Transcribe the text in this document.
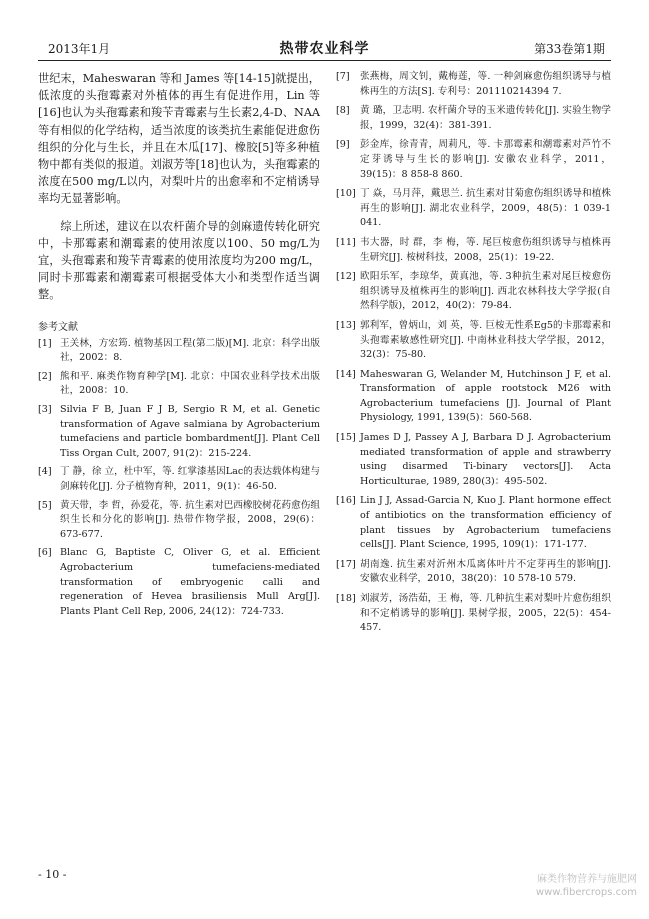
2013年1月	热带农业科学	第33卷第1期

世纪末，Maheswaran 等和 James 等[14-15]就提出，低浓度的头孢霉素对外植体的再生有促进作用，Lin 等[16]也认为头孢霉素和羧苄青霉素与生长素2,4-D、NAA等有相似的化学结构，适当浓度的该类抗生素能促进愈伤组织的分化与生长，并且在木瓜[17]、橡胶[5]等多种植物中都有类似的报道。刘淑芳等[18]也认为，头孢霉素的浓度在500 mg/L以内，对梨叶片的出愈率和不定梢诱导率均无显著影响。

综上所述，建议在以农杆菌介导的剑麻遗传转化研究中，卡那霉素和潮霉素的使用浓度以100、50 mg/L为宜，头孢霉素和羧苄青霉素的使用浓度均为200 mg/L，同时卡那霉素和潮霉素可根据受体大小和类型作适当调整。

参考文献
[1] 王关林，方宏筠. 植物基因工程(第二版)[M]. 北京：科学出版社，2002：8.
[2] 熊和平. 麻类作物育种学[M]. 北京：中国农业科学技术出版社，2008：10.
[3] Silvia F B, Juan F J B, Sergio R M, et al. Genetic transformation of Agave salmiana by Agrobacterium tumefaciens and particle bombardment[J]. Plant Cell Tiss Organ Cult, 2007, 91(2)：215-224.
[4] 丁 静，徐 立，杜中军，等. 红掌漆基因Lac的表达载体构建与剑麻转化[J]. 分子植物育种，2011，9(1)：46-50.
[5] 黄天带，李 哲，孙爱花，等. 抗生素对巴西橡胶树花药愈伤组织生长和分化的影响[J]. 热带作物学报，2008，29(6)：673-677.
[6] Blanc G, Baptiste C, Oliver G, et al. Efficient Agrobacterium tumefaciens-mediated transformation of embryogenic calli and regeneration of Hevea brasiliensis Mull Arg[J]. Plants Plant Cell Rep, 2006, 24(12)：724-733.
[7]	张燕梅，周文钊，戴梅莲，等. 一种剑麻愈伤组织诱导与植株再生的方法[S]. 专利号：201110214394 7.
[8]	黄 璐，卫志明. 农杆菌介导的玉米遗传转化[J]. 实验生物学报，1999，32(4)：381-391.
[9]	彭金库，徐青青，周莉凡，等. 卡那霉素和潮霉素对芦竹不定芽诱导与生长的影响[J]. 安徽农业科学，2011，39(15)：8 858-8 860.
[10] 丁 焱，马月萍，戴思兰. 抗生素对甘菊愈伤组织诱导和植株再生的影响[J]. 湖北农业科学，2009，48(5)：1 039-1 041.
[11] 韦大器，时 群，李 梅，等. 尾巨桉愈伤组织诱导与植株再生研究[J]. 桉树科技，2008，25(1)：19-22.
[12] 欧阳乐军，李琼华，黄真池，等. 3种抗生素对尾巨桉愈伤组织诱导及植株再生的影响[J]. 西北农林科技大学学报(自然科学版)，2012，40(2)：79-84.
[13] 郭利军，曾炳山，刘 英，等. 巨桉无性系Eg5的卡那霉素和头孢霉素敏感性研究[J]. 中南林业科技大学学报，2012，32(3)：75-80.
[14] Maheswaran G, Welander M, Hutchinson J F, et al. Transformation of apple rootstock M26 with Agrobacterium tumefaciens [J]. Journal of Plant Physiology, 1991, 139(5)：560-568.
[15] James D J, Passey A J, Barbara D J. Agrobacterium mediated transformation of apple and strawberry using disarmed Ti-binary vectors[J]. Acta Horticulturae, 1989, 280(3)：495-502.
[16] Lin J J, Assad-Garcia N, Kuo J. Plant hormone effect of antibiotics on the transformation efficiency of plant tissues by Agrobacterium tumefaciens cells[J]. Plant Science, 1995, 109(1)：171-177.
[17] 胡南逸. 抗生素对沂州木瓜离体叶片不定芽再生的影响[J]. 安徽农业科学，2010，38(20)：10 578-10 579.
[18] 刘淑芳，汤浩茹，王 梅，等. 几种抗生素对梨叶片愈伤组织和不定梢诱导的影响[J]. 果树学报，2005，22(5)：454-457.
- 10 -	麻类作物营养与施肥网
www.fibercrops.com
